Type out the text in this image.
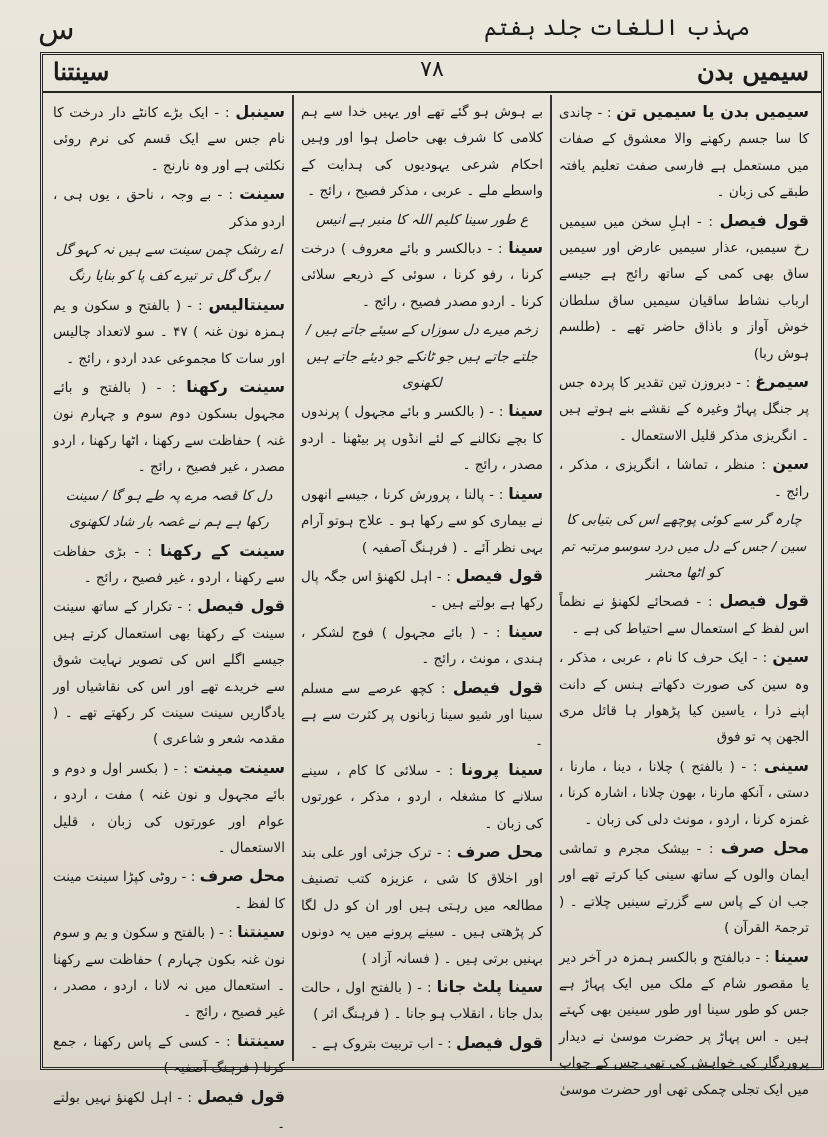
س	مہذب اللغات جلد ہفتم
سینتنا	۷۸	سیمیں بدن

سینبل : - ایک بڑے کانٹے دار درخت کا نام جس سے ایک قسم کی نرم روئی نکلتی ہے اور وہ نارنج ۔

سینت : - بے وجہ ، ناحق ، یوں ہی ، اردو مذکر

اے رشک چمن سینت سے ہیں نہ کہو گل / برگ گل تر تیرے کف پا کو بنایا رنگ

سینتالیس : - ( بالفتح و سکون و یم ہمزہ نون غنہ ) ۴۷ ۔ سو لاتعداد چالیس اور سات کا مجموعی عدد اردو ، رائج ۔

سینت رکھنا : - ( بالفتح و بائے مجہول بسکون دوم سوم و چہارم نون غنہ ) حفاظت سے رکھنا ، اٹھا رکھنا ، اردو مصدر ، غیر فصیح ، رائج ۔

دل کا قصہ مرے پہ طے ہو گا / سینت رکھا ہے ہم نے غصہ بار شاد لکھنوی

سینت کے رکھنا : - بڑی حفاظت سے رکھنا ، اردو ، غیر فصیح ، رائج ۔

قول فیصل : - تکرار کے ساتھ سینت سینت کے رکھنا بھی استعمال کرتے ہیں جیسے اگلے اس کی تصویر نہایت شوق سے خریدے تھے اور اس کی نقاشیاں اور یادگاریں سینت سینت کر رکھتے تھے ۔ ( مقدمہ شعر و شاعری )

سینت مینت : - ( بکسر اول و دوم و بائے مجہول و نون غنہ ) مفت ، اردو ، عوام اور عورتوں کی زبان ، قلیل الاستعمال ۔

محل صرف : - روٹی کپڑا سینت مینت کا لفظ ۔

سینتنا : - ( بالفتح و سکون و یم و سوم نون غنہ بکون چہارم ) حفاظت سے رکھنا ۔ استعمال میں نہ لانا ، اردو ، مصدر ، غیر فصیح ، رائج ۔

سینتنا : - کسی کے پاس رکھنا ، جمع کرنا ( فرہنگ آصفیہ )

قول فیصل : - اہل لکھنؤ نہیں بولتے ۔

بے ہوش ہو گئے تھے اور یہیں خدا سے ہم کلامی کا شرف بھی حاصل ہوا اور وہیں احکام شرعی یہودیوں کی ہدایت کے واسطے ملے ۔ عربی ، مذکر فصیح ، رائج ۔

ع طور سینا کلیم اللہ کا منبر ہے انیس

سینا : - دبالکسر و بائے معروف ) درخت کرنا ، رفو کرنا ، سوئی کے ذریعے سلائی کرنا ۔ اردو مصدر فصیح ، رائج ۔

زخم میرے دل سوزاں کے سیئے جاتے ہیں / جلتے جاتے ہیں جو ٹانکے جو دیئے جاتے ہیں لکھنوی

سینا : - ( بالکسر و بائے مجہول ) پرندوں کا بچے نکالنے کے لئے انڈوں پر بیٹھنا ۔ اردو مصدر ، رائج ۔

سینا : - پالنا ، پرورش کرنا ، جیسے انھوں نے بیماری کو سے رکھا ہو ۔ علاج ہوتو آرام بہی نظر آئے ۔ ( فرہنگ آصفیہ )

قول فیصل : - اہل لکھنؤ اس جگہ پال رکھا ہے بولتے ہیں ۔

سینا : - ( بائے مجہول ) فوج لشکر ، ہندی ، مونث ، رائج ۔

قول فیصل : کچھ عرصے سے مسلم سینا اور شیو سینا زبانوں پر کثرت سے ہے ۔

سینا پرونا : - سلائی کا کام ، سینے سلانے کا مشغلہ ، اردو ، مذکر ، عورتوں کی زبان ۔

محل صرف : - ترک جزئی اور علی بند اور اخلاق کا شی ، عزیزہ کتب تصنیف مطالعہ میں رہتی ہیں اور ان کو دل لگا کر پڑھتی ہیں ۔ سینے پرونے میں یہ دونوں بہنیں برتی ہیں ۔ ( فسانہ آزاد )

سینا پلٹ جانا : - ( بالفتح اول ، حالت بدل جانا ، انقلاب ہو جانا ۔ ( فرہنگ اثر )

قول فیصل : - اب تربیت بتروک ہے ۔

سیمیں بدن یا سیمیں تن : - چاندی کا سا جسم رکھنے والا معشوق کے صفات میں مستعمل ہے فارسی صفت تعلیم یافتہ طبقے کی زبان ۔

قول فیصل : - اہلِ سخن میں سیمیں رخ سیمیں، عذار سیمیں عارض اور سیمیں ساق بھی کمی کے ساتھ رائج ہے جیسے ارباب نشاط ساقیان سیمیں ساق سلطان خوش آواز و باذاق حاضر تھے ۔ (طلسم ہوش ربا)

سیمرغ : - دبروزن تین تقدیر کا پردہ جس پر جنگل پہاڑ وغیرہ کے نقشے بنے ہوتے ہیں ۔ انگریزی مذکر قلیل الاستعمال ۔

سین : منظر ، تماشا ، انگریزی ، مذکر ، رائج ۔

چارہ گر سے کوئی پوچھے اس کی بتیابی کا سین / جس کے دل میں درد سوسو مرتبہ تم کو اٹھا محشر

قول فیصل : - فصحائے لکھنؤ نے نظماً اس لفظ کے استعمال سے احتیاط کی ہے ۔

سین : - ایک حرف کا نام ، عربی ، مذکر ، وہ سین کی صورت دکھاتے ہنس کے دانت اپنے ذرا ، یاسین کیا پڑھوار ہا قائل مری الجھن پہ تو فوق

سینی : - ( بالفتح ) چلانا ، دینا ، مارنا ، دستی ، آنکھ مارنا ، بھون چلانا ، اشارہ کرنا ، غمزہ کرنا ، اردو ، مونث دلی کی زبان ۔

محل صرف : - بیشک مجرم و تماشی ایمان والوں کے ساتھ سینی کیا کرتے تھے اور جب ان کے پاس سے گزرتے سینیں چلاتے ۔ ( ترجمۃ القرآن )

سینا : - دبالفتح و بالکسر ہمزہ در آخر دیر یا مقصور شام کے ملک میں ایک پہاڑ ہے جس کو طور سینا اور طور سینین بھی کہتے ہیں ۔ اس پہاڑ پر حضرت موسیٰ نے دیدار پروردگار کی خواہش کی تھی جس کے جواب میں ایک تجلی چمکی تھی اور حضرت موسیٰ
